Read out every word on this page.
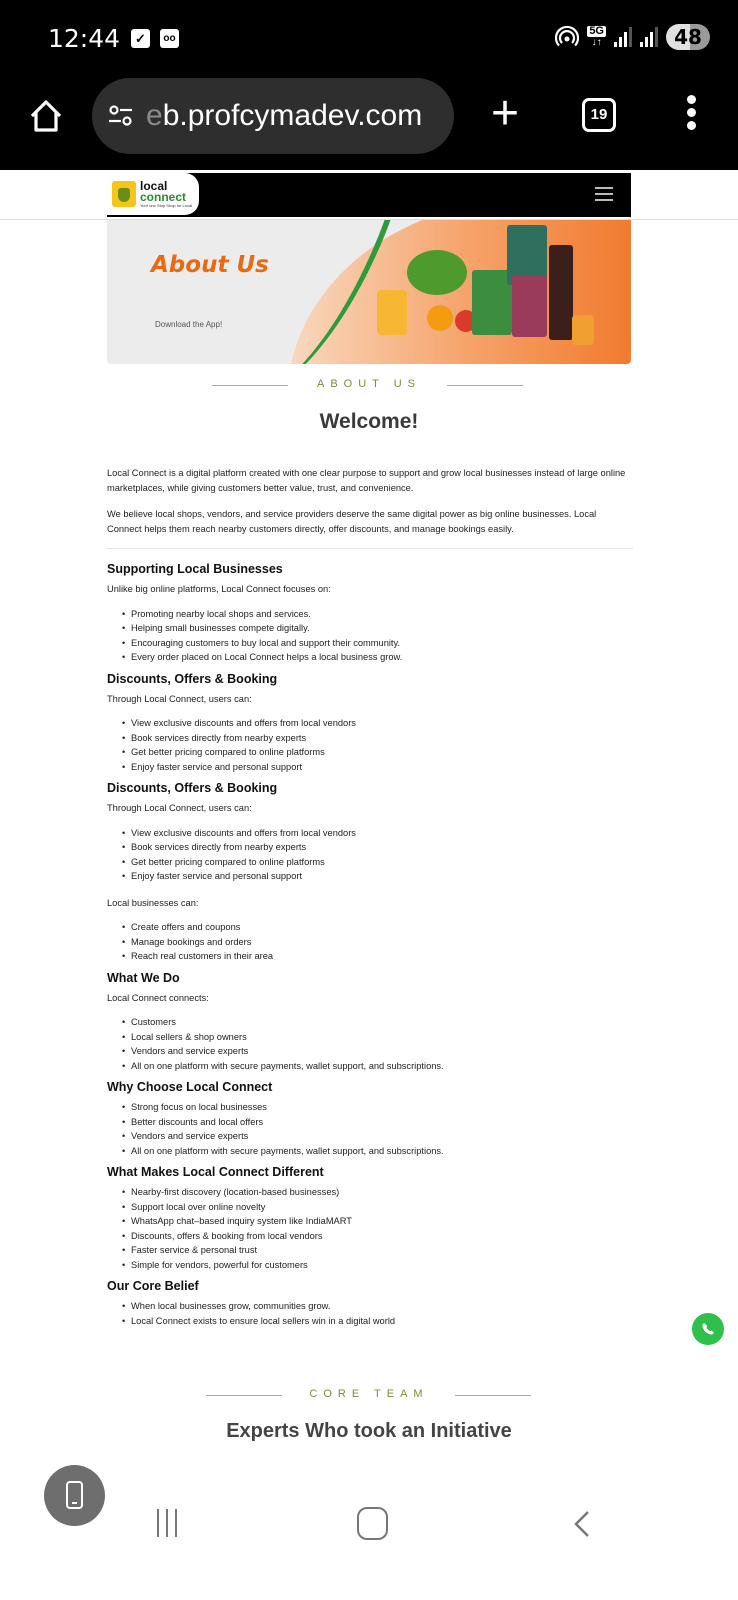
12:44	✓	oo
5G
↓↑	48
eb.profcymadev.com +	19
local
connect
Your one Stop Shop for Local
About Us
Download the App!
ABOUT US
Welcome!

Local Connect is a digital platform created with one clear purpose to support and grow local businesses instead of large online marketplaces, while giving customers better value, trust, and convenience.

We believe local shops, vendors, and service providers deserve the same digital power as big online businesses. Local Connect helps them reach nearby customers directly, offer discounts, and manage bookings easily.

Supporting Local Businesses
Unlike big online platforms, Local Connect focuses on:
• Promoting nearby local shops and services.
• Helping small businesses compete digitally.
• Encouraging customers to buy local and support their community.
• Every order placed on Local Connect helps a local business grow.
Discounts, Offers & Booking
Through Local Connect, users can:
• View exclusive discounts and offers from local vendors
• Book services directly from nearby experts
• Get better pricing compared to online platforms
• Enjoy faster service and personal support
Discounts, Offers & Booking
Through Local Connect, users can:
• View exclusive discounts and offers from local vendors
• Book services directly from nearby experts
• Get better pricing compared to online platforms
• Enjoy faster service and personal support
Local businesses can:
• Create offers and coupons
• Manage bookings and orders
• Reach real customers in their area
What We Do
Local Connect connects:
• Customers
• Local sellers & shop owners
• Vendors and service experts
• All on one platform with secure payments, wallet support, and subscriptions.
Why Choose Local Connect
• Strong focus on local businesses
• Better discounts and local offers
• Vendors and service experts
• All on one platform with secure payments, wallet support, and subscriptions.
What Makes Local Connect Different
• Nearby-first discovery (location-based businesses)
• Support local over online novelty
• WhatsApp chat–based inquiry system like IndiaMART
• Discounts, offers & booking from local vendors
• Faster service & personal trust
• Simple for vendors, powerful for customers
Our Core Belief
• When local businesses grow, communities grow.
• Local Connect exists to ensure local sellers win in a digital world
CORE TEAM
Experts Who took an Initiative
